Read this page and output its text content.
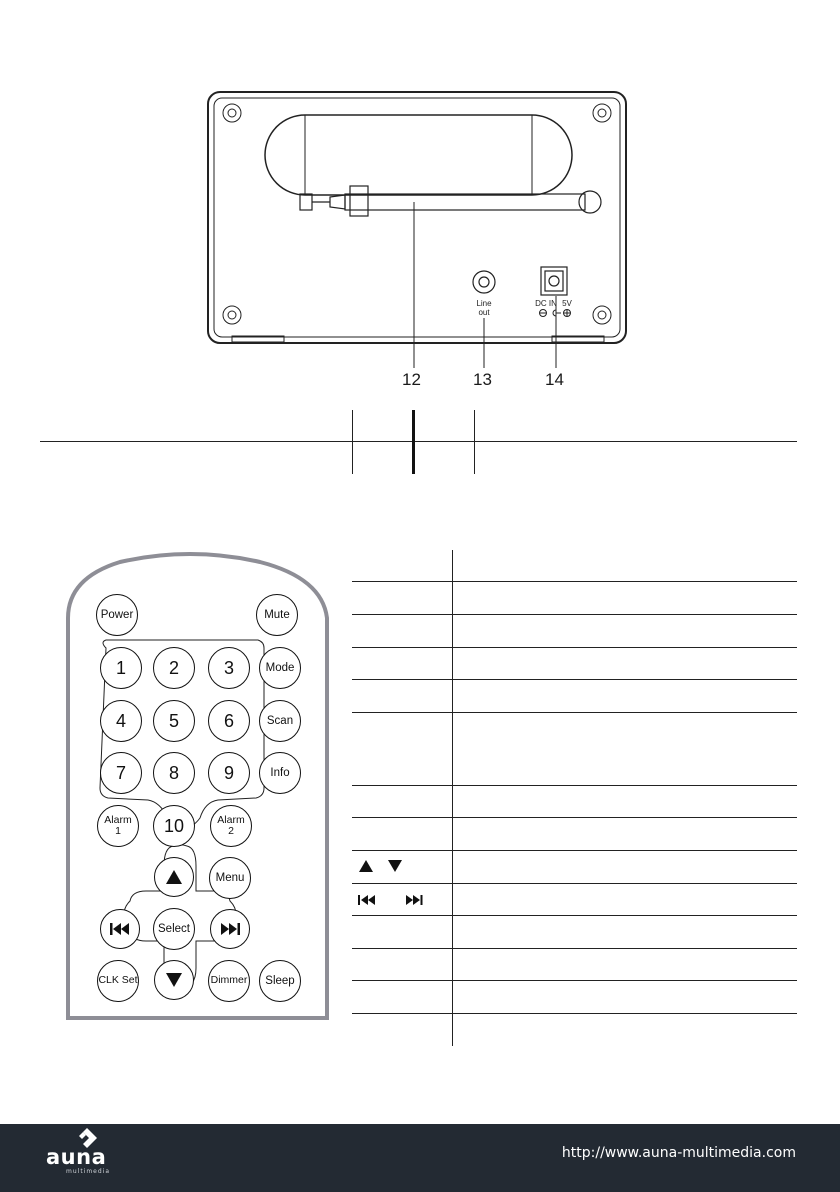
Line
out
DC IN 5V
12	13	14
Power	Mute
1	2	3	Mode
4	5	6	Scan
7	8	9	Info
Alarm
1	10	Alarm
2
Menu
Select
CLK Set	Dimmer	Sleep
auna
multimedia
http://www.auna-multimedia.com
